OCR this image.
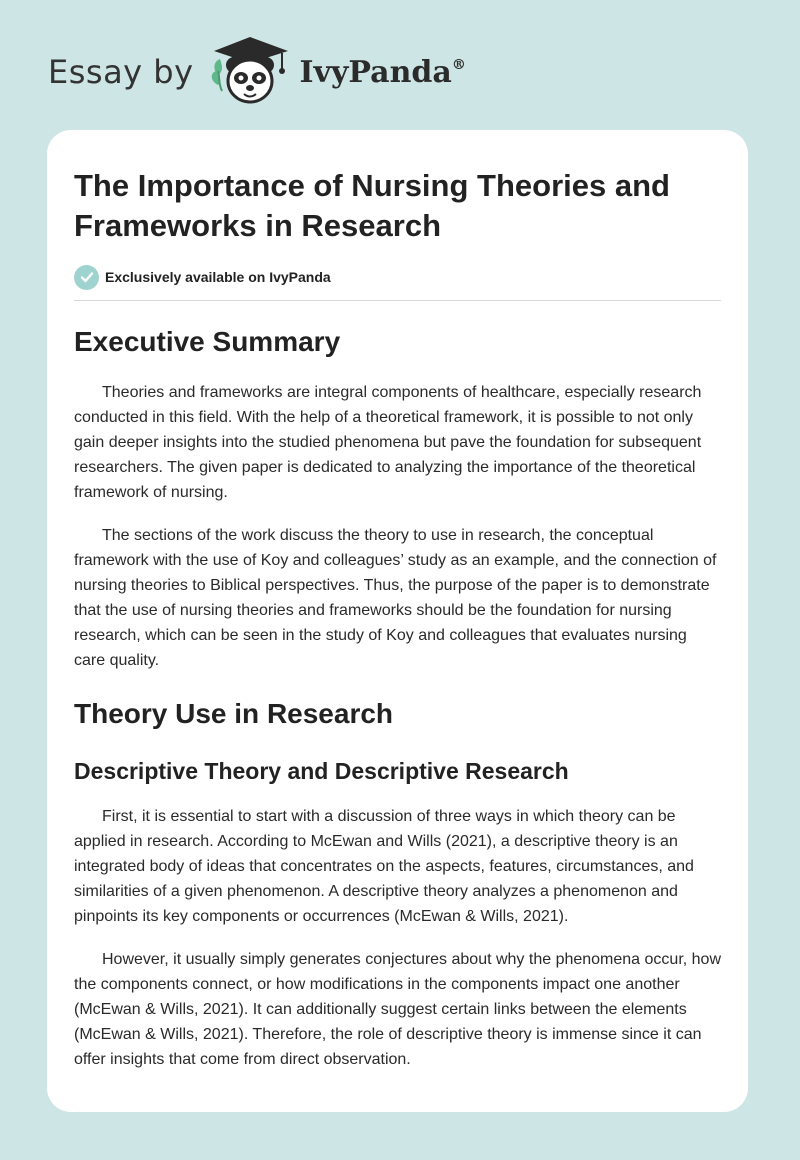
Essay by	IvyPanda®
The Importance of Nursing Theories and Frameworks in Research
Exclusively available on IvyPanda
Executive Summary

Theories and frameworks are integral components of healthcare, especially research conducted in this field. With the help of a theoretical framework, it is possible to not only gain deeper insights into the studied phenomena but pave the foundation for subsequent researchers. The given paper is dedicated to analyzing the importance of the theoretical framework of nursing.

The sections of the work discuss the theory to use in research, the conceptual framework with the use of Koy and colleagues’ study as an example, and the connection of nursing theories to Biblical perspectives. Thus, the purpose of the paper is to demonstrate that the use of nursing theories and frameworks should be the foundation for nursing research, which can be seen in the study of Koy and colleagues that evaluates nursing care quality.

Theory Use in Research
Descriptive Theory and Descriptive Research

First, it is essential to start with a discussion of three ways in which theory can be applied in research. According to McEwan and Wills (2021), a descriptive theory is an integrated body of ideas that concentrates on the aspects, features, circumstances, and similarities of a given phenomenon. A descriptive theory analyzes a phenomenon and pinpoints its key components or occurrences (McEwan & Wills, 2021).

However, it usually simply generates conjectures about why the phenomena occur, how the components connect, or how modifications in the components impact one another (McEwan & Wills, 2021). It can additionally suggest certain links between the elements (McEwan & Wills, 2021). Therefore, the role of descriptive theory is immense since it can offer insights that come from direct observation.
